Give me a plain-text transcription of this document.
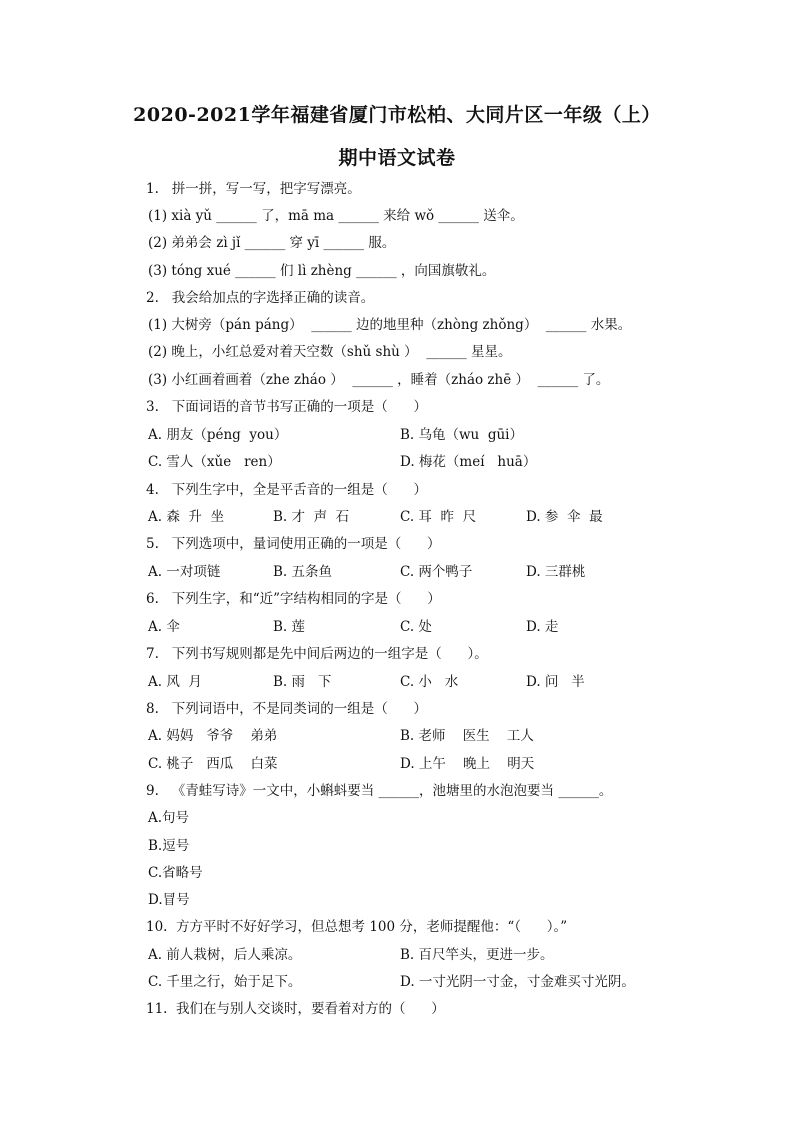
2020-2021学年福建省厦门市松柏、大同片区一年级（上）
期中语文试卷
1.   拼一拼，写一写，把字写漂亮。
(1) xià yǔ ______ 了，mā ma ______ 来给 wǒ ______ 送伞。
(2) 弟弟会 zì jǐ ______ 穿 yī ______ 服。
(3) tóng xué ______ 们 lì zhèng ______ ，向国旗敬礼。
2.   我会给加点的字选择正确的读音。
(1) 大树旁（pán páng）  ______ 边的地里种（zhòng zhǒng）  ______ 水果。
(2) 晚上，小红总爱对着天空数（shǔ shù ）  ______ 星星。
(3) 小红画着画着（zhe zháo ）  ______ ，睡着（zháo zhē ）  ______ 了。
3.   下面词语的音节书写正确的一项是（      ）
A. 朋友（péng  you）	B. 乌龟（wu  gūi）
C. 雪人（xǔe   ren）	D. 梅花（meí   huā）
4.   下列生字中，全是平舌音的一组是（      ）
A. 森  升  坐	B. 才  声  石	C. 耳  昨  尺	D. 参  伞  最
5.   下列选项中，量词使用正确的一项是（      ）
A. 一对项链	B. 五条鱼	C. 两个鸭子	D. 三群桃
6.   下列生字，和“近”字结构相同的字是（      ）
A. 伞	B. 莲	C. 处	D. 走
7.   下列书写规则都是先中间后两边的一组字是（      ）。
A. 风  月	B. 雨   下	C. 小   水	D. 问   半
8.   下列词语中，不是同类词的一组是（      ）
A. 妈妈   爷爷    弟弟	B. 老师    医生    工人
C. 桃子   西瓜    白菜	D. 上午    晚上    明天
9.   《青蛙写诗》一文中，小蝌蚪要当 ______，池塘里的水泡泡要当 ______。
A.句号
B.逗号
C.省略号
D.冒号
10.  方方平时不好好学习，但总想考 100 分，老师提醒他：“（      ）。”
A. 前人栽树，后人乘凉。	B. 百尺竿头，更进一步。
C. 千里之行，始于足下。	D. 一寸光阴一寸金，寸金难买寸光阴。
11.  我们在与别人交谈时，要看着对方的（      ）
